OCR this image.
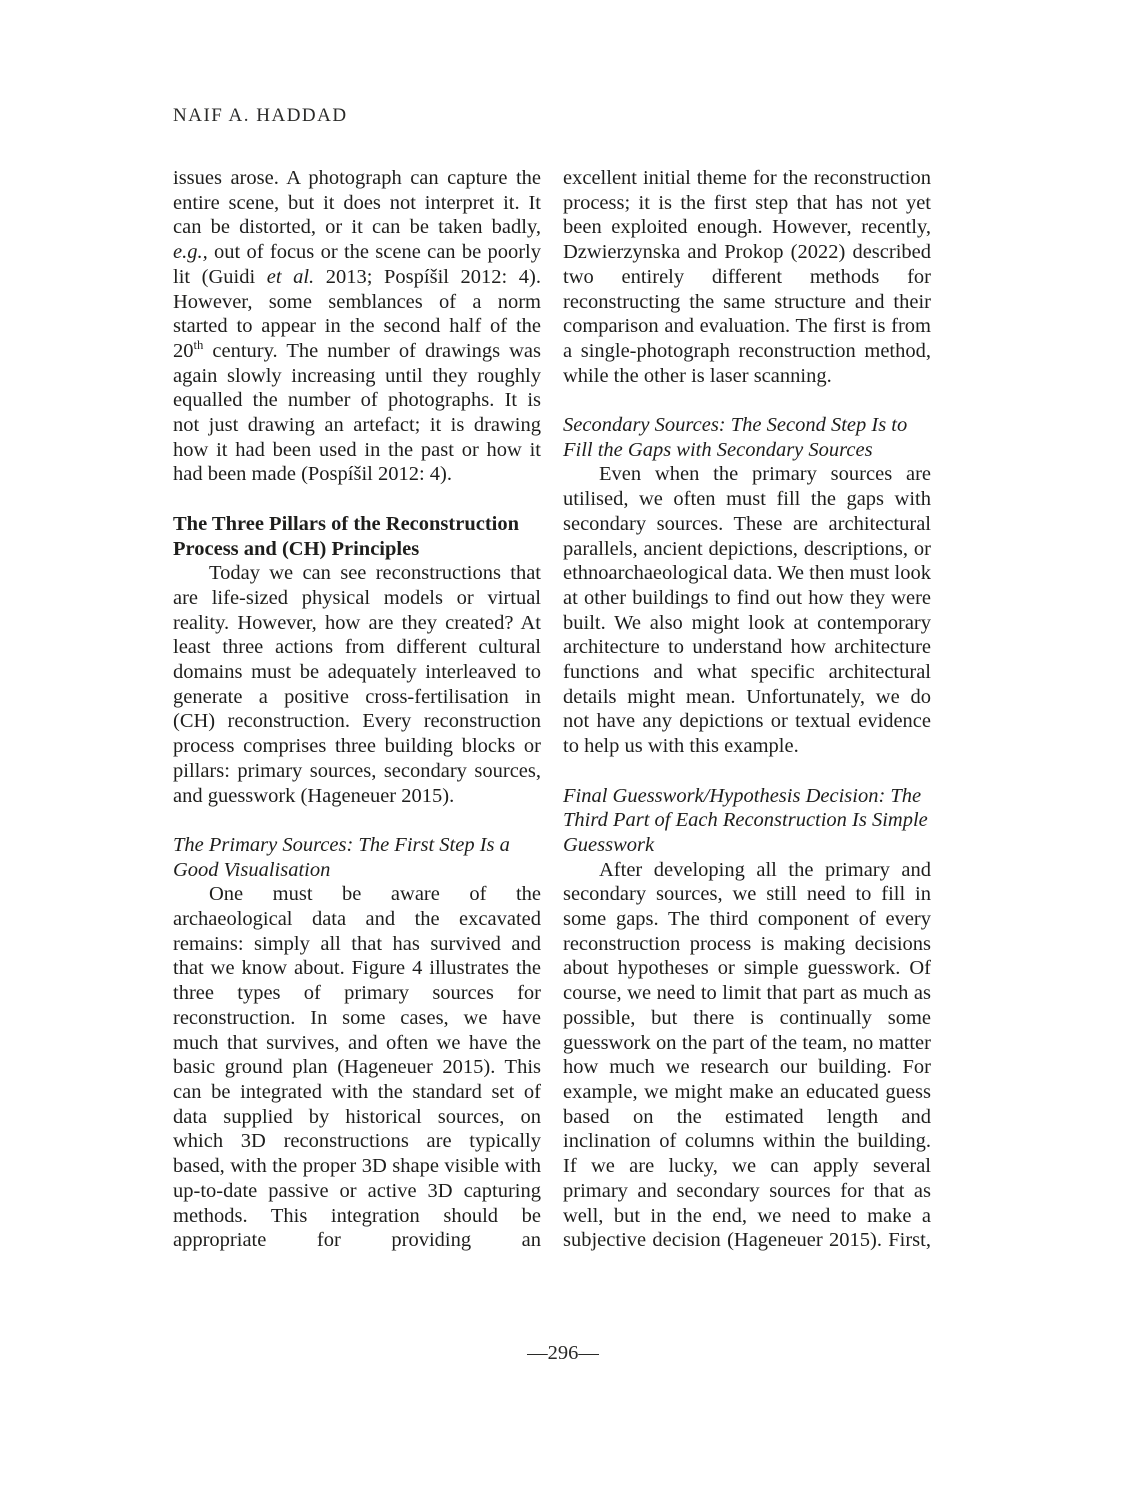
NAIF A. HADDAD

issues arose. A photograph can capture the entire scene, but it does not interpret it. It can be distorted, or it can be taken badly, e.g., out of focus or the scene can be poorly lit (Guidi et al. 2013; Pospíšil 2012: 4). However, some semblances of a norm started to appear in the second half of the 20th century. The number of drawings was again slowly increasing until they roughly equalled the number of photographs. It is not just drawing an artefact; it is drawing how it had been used in the past or how it had been made (Pospíšil 2012: 4).

The Three Pillars of the Reconstruction Process and (CH) Principles

Today we can see reconstructions that are life-sized physical models or virtual reality. However, how are they created? At least three actions from different cultural domains must be adequately interleaved to generate a positive cross-fertilisation in (CH) reconstruction. Every reconstruction process comprises three building blocks or pillars: primary sources, secondary sources, and guesswork (Hageneuer 2015).

The Primary Sources: The First Step Is a Good Visualisation

One must be aware of the archaeological data and the excavated remains: simply all that has survived and that we know about. Figure 4 illustrates the three types of primary sources for reconstruction. In some cases, we have much that survives, and often we have the basic ground plan (Hageneuer 2015). This can be integrated with the standard set of data supplied by historical sources, on which 3D reconstructions are typically based, with the proper 3D shape visible with up-to-date passive or active 3D capturing methods. This integration should be appropriate for providing an

excellent initial theme for the reconstruction process; it is the first step that has not yet been exploited enough. However, recently, Dzwierzynska and Prokop (2022) described two entirely different methods for reconstructing the same structure and their comparison and evaluation. The first is from a single-photograph reconstruction method, while the other is laser scanning.

Secondary Sources: The Second Step Is to Fill the Gaps with Secondary Sources

Even when the primary sources are utilised, we often must fill the gaps with secondary sources. These are architectural parallels, ancient depictions, descriptions, or ethnoarchaeological data. We then must look at other buildings to find out how they were built. We also might look at contemporary architecture to understand how architecture functions and what specific architectural details might mean. Unfortunately, we do not have any depictions or textual evidence to help us with this example.

Final Guesswork/Hypothesis Decision: The Third Part of Each Reconstruction Is Simple Guesswork

After developing all the primary and secondary sources, we still need to fill in some gaps. The third component of every reconstruction process is making decisions about hypotheses or simple guesswork. Of course, we need to limit that part as much as possible, but there is continually some guesswork on the part of the team, no matter how much we research our building. For example, we might make an educated guess based on the estimated length and inclination of columns within the building. If we are lucky, we can apply several primary and secondary sources for that as well, but in the end, we need to make a subjective decision (Hageneuer 2015). First,

—296—
